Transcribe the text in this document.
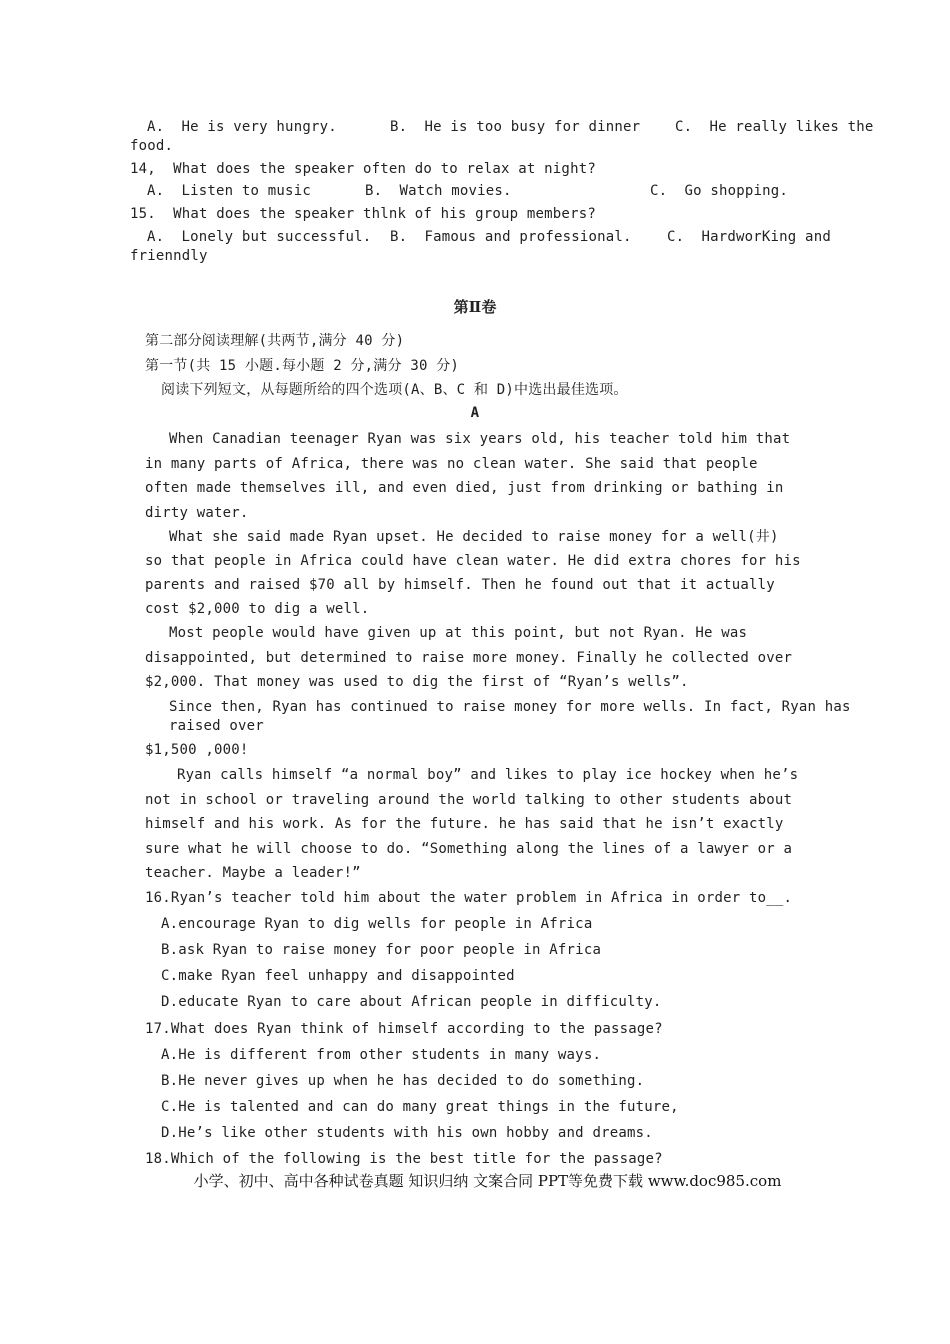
A.  He is very hungry.	B.  He is too busy for dinner C.  He really likes the
food.
14,  What does the speaker often do to relax at night?
A.  Listen to music	B.  Watch movies.	C.  Go shopping.
15.  What does the speaker thlnk of his group members?
A.  Lonely but successful. B.  Famous and professional.	C.  HardworKing and
frienndly
第Ⅱ卷
第二部分阅读理解(共两节,满分 40 分)
第一节(共 15 小题.每小题 2 分,满分 30 分)
阅读下列短文，从每题所给的四个选项(A、B、C 和 D)中选出最佳选项。
A
When Canadian teenager Ryan was six years old, his teacher told him that
in many parts of Africa, there was no clean water. She said that people
often made themselves ill, and even died, just from drinking or bathing in
dirty water.
What she said made Ryan upset. He decided to raise money for a well(井)
so that people in Africa could have clean water. He did extra chores for his
parents and raised $70 all by himself. Then he found out that it actually
cost $2,000 to dig a well.
Most people would have given up at this point, but not Ryan. He was
disappointed, but determined to raise more money. Finally he collected over
$2,000. That money was used to dig the first of “Ryan’s wells”.
Since then, Ryan has continued to raise money for more wells. In fact, Ryan has
raised over
$1,500 ,000!
Ryan calls himself “a normal boy” and likes to play ice hockey when he’s
not in school or traveling around the world talking to other students about
himself and his work. As for the future. he has said that he isn’t exactly
sure what he will choose to do. “Something along the lines of a lawyer or a
teacher. Maybe a leader!”
16.Ryan’s teacher told him about the water problem in Africa in order to__.
A.encourage Ryan to dig wells for people in Africa
B.ask Ryan to raise money for poor people in Africa
C.make Ryan feel unhappy and disappointed
D.educate Ryan to care about African people in difficulty.
17.What does Ryan think of himself according to the passage?
A.He is different from other students in many ways.
B.He never gives up when he has decided to do something.
C.He is talented and can do many great things in the future,
D.He’s like other students with his own hobby and dreams.
18.Which of the following is the best title for the passage?
小学、初中、高中各种试卷真题 知识归纳 文案合同 PPT等免费下载 www.doc985.com
